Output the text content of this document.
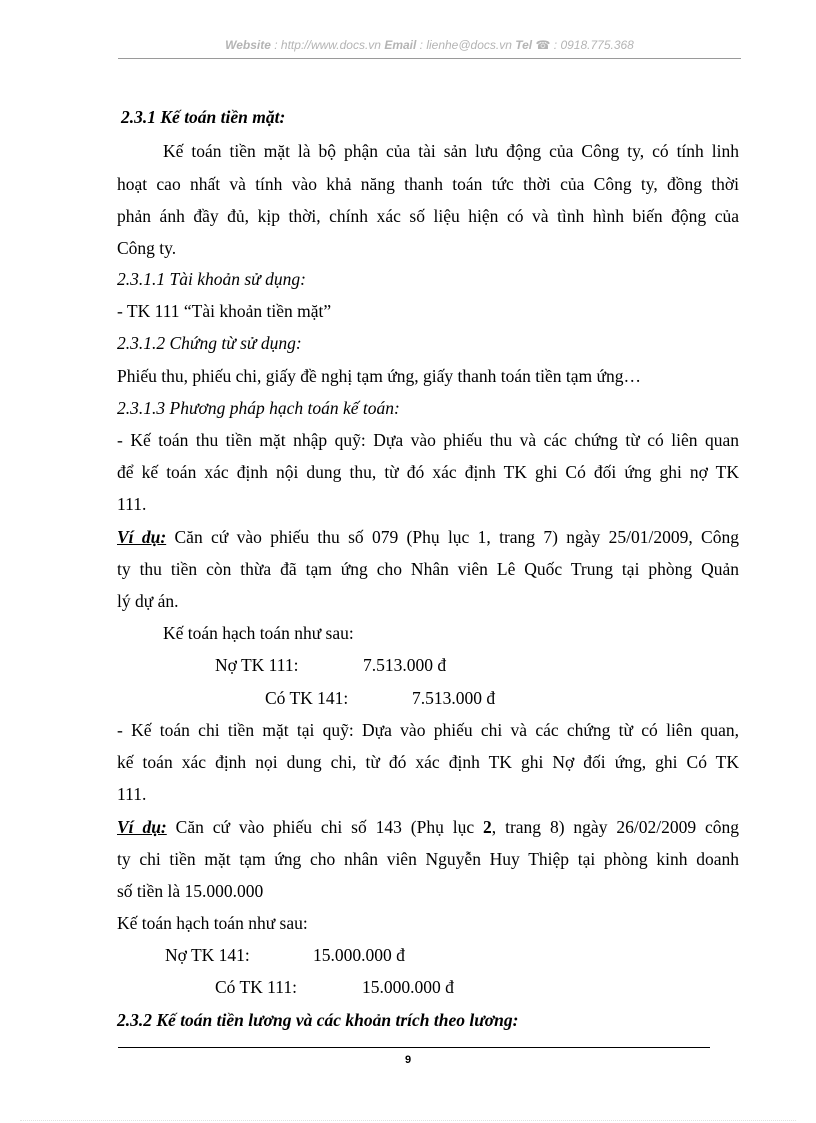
Website : http://www.docs.vn Email : lienhe@docs.vn Tel ☎ : 0918.775.368
2.3.1 Kế toán tiền mặt:
Kế toán tiền mặt là bộ phận của tài sản lưu động của Công ty, có tính linh
hoạt cao nhất và tính vào khả năng thanh toán tức thời của Công ty, đồng thời
phản ánh đầy đủ, kịp thời, chính xác số liệu hiện có và tình hình biến động của
Công ty.
2.3.1.1 Tài khoản sử dụng:
- TK 111 “Tài khoản tiền mặt”
2.3.1.2 Chứng từ sử dụng:
Phiếu thu, phiếu chi, giấy đề nghị tạm ứng, giấy thanh toán tiền tạm ứng…
2.3.1.3 Phương pháp hạch toán kế toán:
- Kế toán thu tiền mặt nhập quỹ: Dựa vào phiếu thu và các chứng từ có liên quan
để kế toán xác định nội dung thu, từ đó xác định TK ghi Có đối ứng ghi nợ TK
111.
Ví dụ: Căn cứ vào phiếu thu số 079 (Phụ lục 1, trang 7) ngày 25/01/2009, Công
ty thu tiền còn thừa đã tạm ứng cho Nhân viên Lê Quốc Trung tại phòng Quản
lý dự án.
Kế toán hạch toán như sau:
Nợ TK 111:	7.513.000 đ
Có TK 141:	7.513.000 đ
- Kế toán chi tiền mặt tại quỹ: Dựa vào phiếu chi và các chứng từ có liên quan,
kế toán xác định nọi dung chi, từ đó xác định TK ghi Nợ đối ứng, ghi Có TK
111.
Ví dụ: Căn cứ vào phiếu chi số 143 (Phụ lục 2, trang 8) ngày 26/02/2009 công
ty chi tiền mặt tạm ứng cho nhân viên Nguyễn Huy Thiệp tại phòng kinh doanh
số tiền là 15.000.000
Kế toán hạch toán như sau:
Nợ TK 141:	15.000.000 đ
Có TK 111:	15.000.000 đ
2.3.2 Kế toán tiền lương và các khoản trích theo lương:
9
